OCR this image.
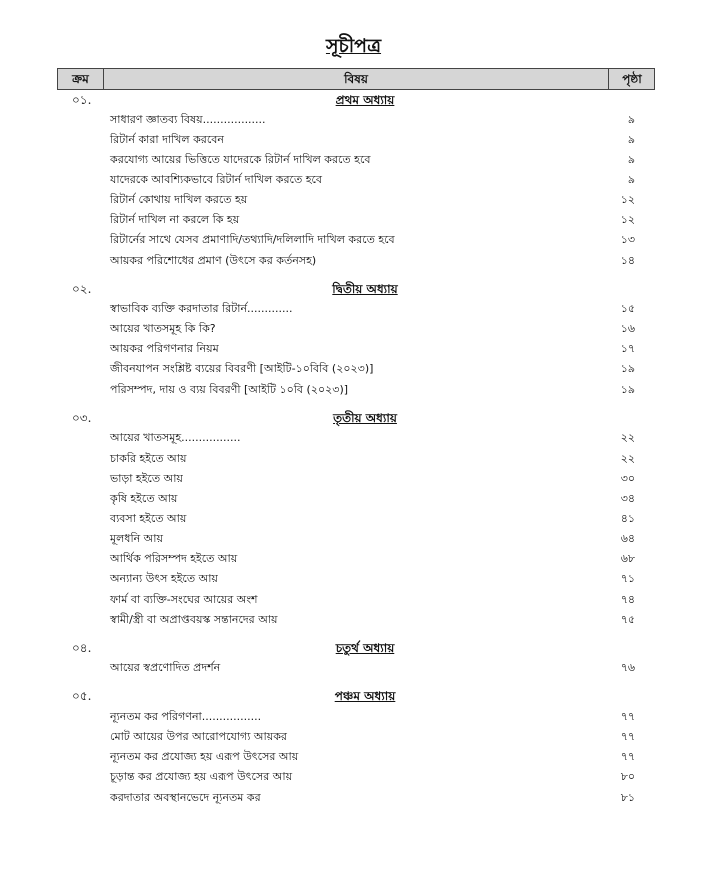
সূচীপত্র
ক্রম	বিষয়	পৃষ্ঠা
০১.	প্রথম অধ্যায়
সাধারণ জ্ঞাতব্য বিষয়..................	৯
রিটার্ন কারা দাখিল করবেন	৯
করযোগ্য আয়ের ভিত্তিতে যাদেরকে রিটার্ন দাখিল করতে হবে	৯
যাদেরকে আবশ্যিকভাবে রিটার্ন দাখিল করতে হবে	৯
রিটার্ন কোথায় দাখিল করতে হয়	১২
রিটার্ন দাখিল না করলে কি হয়	১২
রিটার্নের সাথে যেসব প্রমাণাদি/তথ্যাদি/দলিলাদি দাখিল করতে হবে	১৩
আয়কর পরিশোধের প্রমাণ (উৎসে কর কর্তনসহ)	১৪
০২.	দ্বিতীয় অধ্যায়
স্বাভাবিক ব্যক্তি করদাতার রিটার্ন.............	১৫
আয়ের খাতসমূহ কি কি?	১৬
আয়কর পরিগণনার নিয়ম	১৭
জীবনযাপন সংশ্লিষ্ট ব্যয়ের বিবরণী [আইটি-১০বিবি (২০২৩)]	১৯
পরিসম্পদ, দায় ও ব্যয় বিবরণী [আইটি ১০বি (২০২৩)]	১৯
০৩.	তৃতীয় অধ্যায়
আয়ের খাতসমূহ.................	২২
চাকরি হইতে আয়	২২
ভাড়া হইতে আয়	৩০
কৃষি হইতে আয়	৩৪
ব্যবসা হইতে আয়	৪১
মূলধনি আয়	৬৪
আর্থিক পরিসম্পদ হইতে আয়	৬৮
অন্যান্য উৎস হইতে আয়	৭১
ফার্ম বা ব্যক্তি-সংঘের আয়ের অংশ	৭৪
স্বামী/স্ত্রী বা অপ্রাপ্তবয়স্ক সন্তানদের আয়	৭৫
০৪.	চতুর্থ অধ্যায়
আয়ের স্বপ্রণোদিত প্রদর্শন	৭৬
০৫.	পঞ্চম অধ্যায়
ন্যূনতম কর পরিগণনা.................	৭৭
মোট আয়ের উপর আরোপযোগ্য আয়কর	৭৭
ন্যূনতম কর প্রযোজ্য হয় এরূপ উৎসের আয়	৭৭
চূড়ান্ত কর প্রযোজ্য হয় এরূপ উৎসের আয়	৮০
করদাতার অবস্থানভেদে ন্যূনতম কর	৮১
